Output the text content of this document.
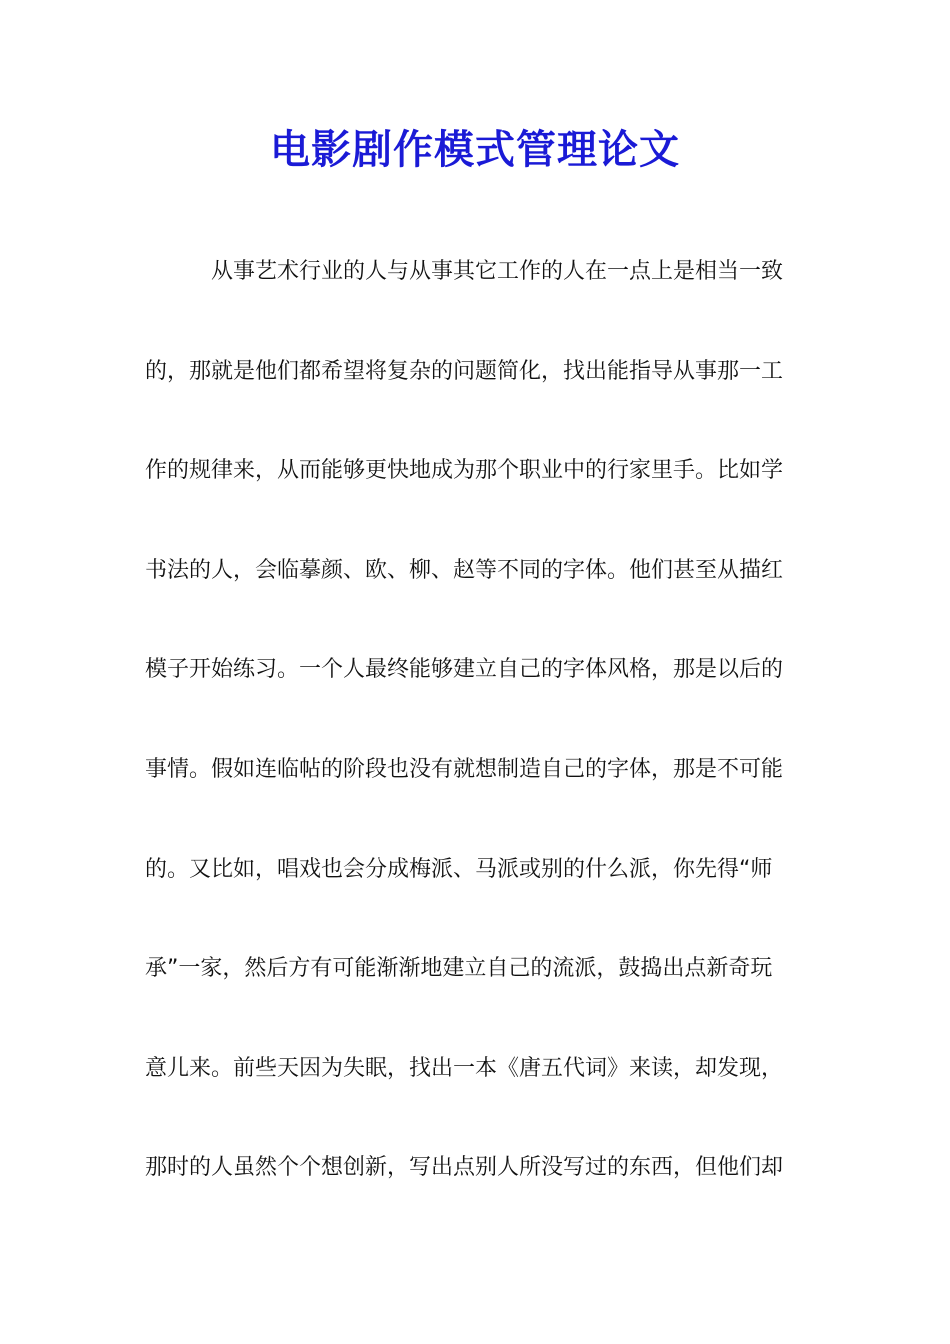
电影剧作模式管理论文
从事艺术行业的人与从事其它工作的人在一点上是相当一致
的，那就是他们都希望将复杂的问题简化，找出能指导从事那一工
作的规律来，从而能够更快地成为那个职业中的行家里手。比如学
书法的人，会临摹颜、欧、柳、赵等不同的字体。他们甚至从描红
模子开始练习。一个人最终能够建立自己的字体风格，那是以后的
事情。假如连临帖的阶段也没有就想制造自己的字体，那是不可能
的。又比如，唱戏也会分成梅派、马派或别的什么派，你先得“师
承”一家，然后方有可能渐渐地建立自己的流派，鼓捣出点新奇玩
意儿来。前些天因为失眠，找出一本《唐五代词》来读，却发现，
那时的人虽然个个想创新，写出点别人所没写过的东西，但他们却
